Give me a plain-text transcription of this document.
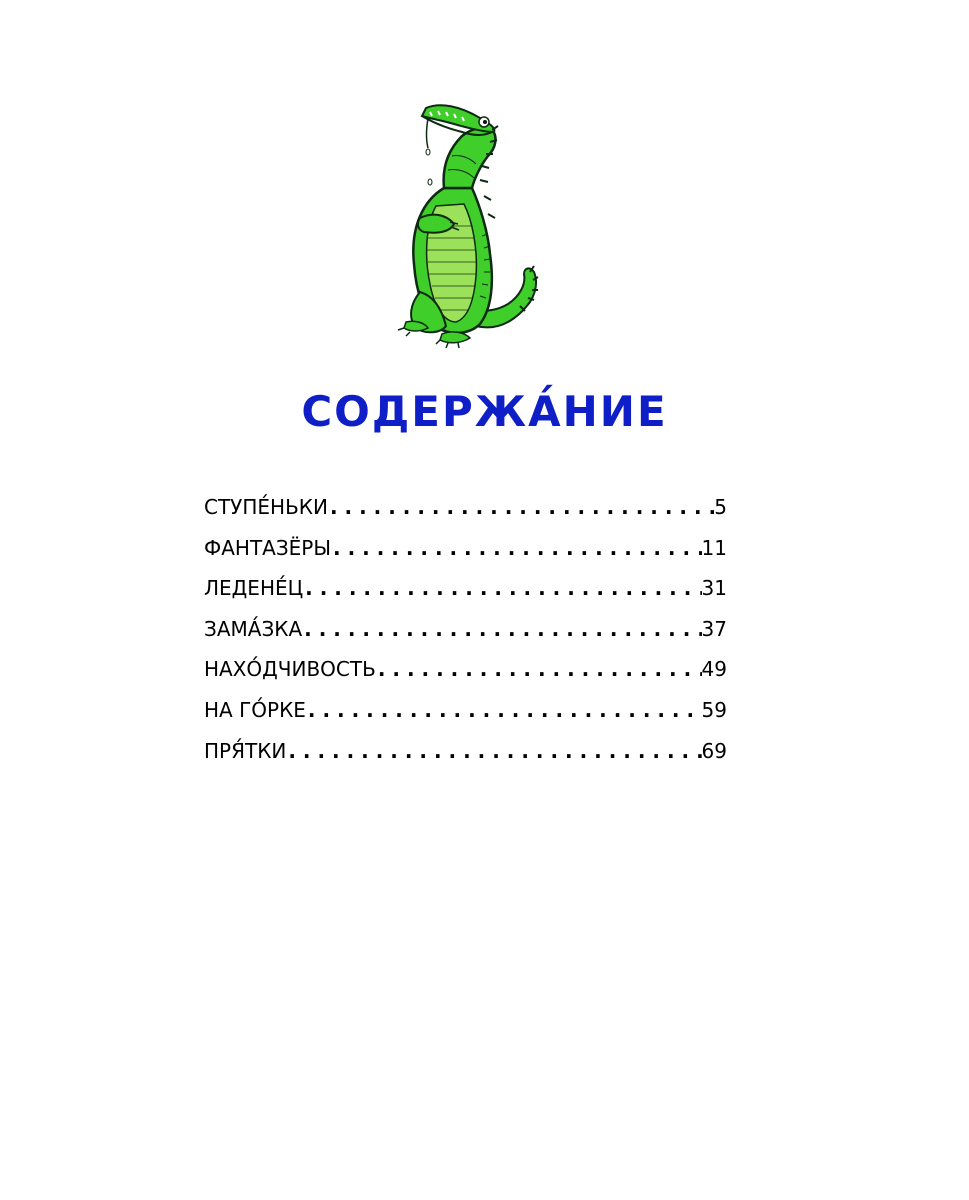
СОДЕРЖА́НИЕ
СТУПЕ́НЬКИ . . .	5
ФАНТАЗЁРЫ . . .	11
ЛЕДЕНЕ́Ц . . .	31
ЗАМА́ЗКА . . .	37
НАХО́ДЧИВОСТЬ . . .	49
НА ГО́РКЕ . . .	59
ПРЯ́ТКИ . . .	69
